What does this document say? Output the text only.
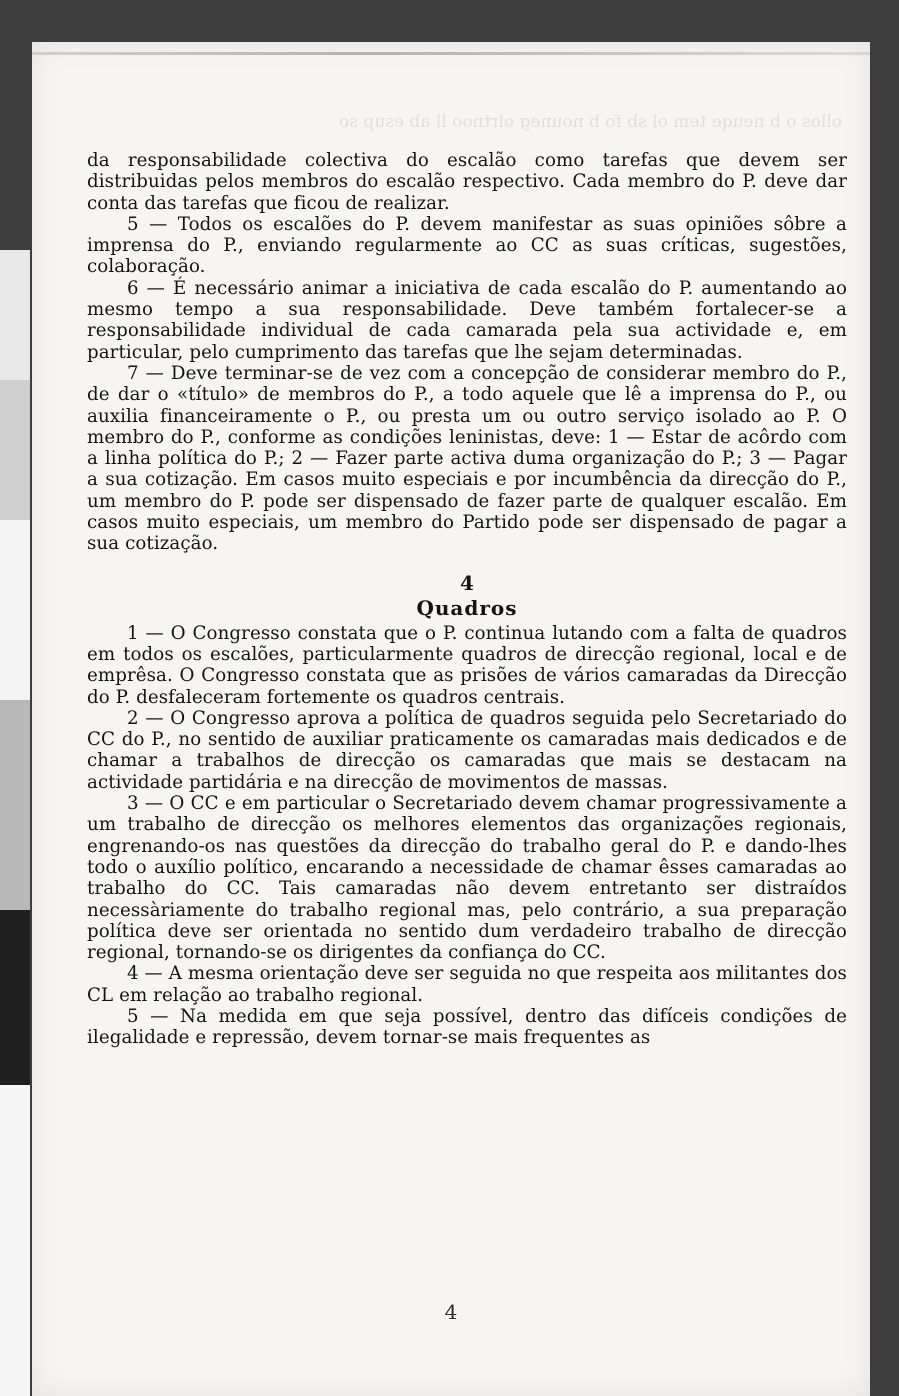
ollos o b neuqe tem ol sb fo b nouneg olrtnoo ll ab esup so

da responsabilidade colectiva do escalão como tarefas que devem ser distribuidas pelos membros do escalão respectivo. Cada membro do P. deve dar conta das tarefas que ficou de realizar.

5 — Todos os escalões do P. devem manifestar as suas opiniões sôbre a imprensa do P., enviando regularmente ao CC as suas críticas, sugestões, colaboração.

6 — É necessário animar a iniciativa de cada escalão do P. aumentando ao mesmo tempo a sua responsabilidade. Deve também fortalecer-se a responsabilidade individual de cada camarada pela sua actividade e, em particular, pelo cumprimento das tarefas que lhe sejam determinadas.

7 — Deve terminar-se de vez com a concepção de considerar membro do P., de dar o «título» de membros do P., a todo aquele que lê a imprensa do P., ou auxilia financeiramente o P., ou presta um ou outro serviço isolado ao P. O membro do P., conforme as condições leninistas, deve: 1 — Estar de acôrdo com a linha política do P.; 2 — Fazer parte activa duma organização do P.; 3 — Pagar a sua cotização. Em casos muito especiais e por incumbência da direcção do P., um membro do P. pode ser dispensado de fazer parte de qualquer escalão. Em casos muito especiais, um membro do Partido pode ser dispensado de pagar a sua cotização.

4
Quadros

1 — O Congresso constata que o P. continua lutando com a falta de quadros em todos os escalões, particularmente quadros de direcção regional, local e de emprêsa. O Congresso constata que as prisões de vários camaradas da Direcção do P. desfaleceram fortemente os quadros centrais.

2 — O Congresso aprova a política de quadros seguida pelo Secretariado do CC do P., no sentido de auxiliar praticamente os camaradas mais dedicados e de chamar a trabalhos de direcção os camaradas que mais se destacam na actividade partidária e na direcção de movimentos de massas.

3 — O CC e em particular o Secretariado devem chamar progressivamente a um trabalho de direcção os melhores elementos das organizações regionais, engrenando-os nas questões da direcção do trabalho geral do P. e dando-lhes todo o auxílio político, encarando a necessidade de chamar êsses camaradas ao trabalho do CC. Tais camaradas não devem entretanto ser distraídos necessàriamente do trabalho regional mas, pelo contrário, a sua preparação política deve ser orientada no sentido dum verdadeiro trabalho de direcção regional, tornando-se os dirigentes da confiança do CC.

4 — A mesma orientação deve ser seguida no que respeita aos militantes dos CL em relação ao trabalho regional.

5 — Na medida em que seja possível, dentro das difíceis condições de ilegalidade e repressão, devem tornar-se mais frequentes as

4
